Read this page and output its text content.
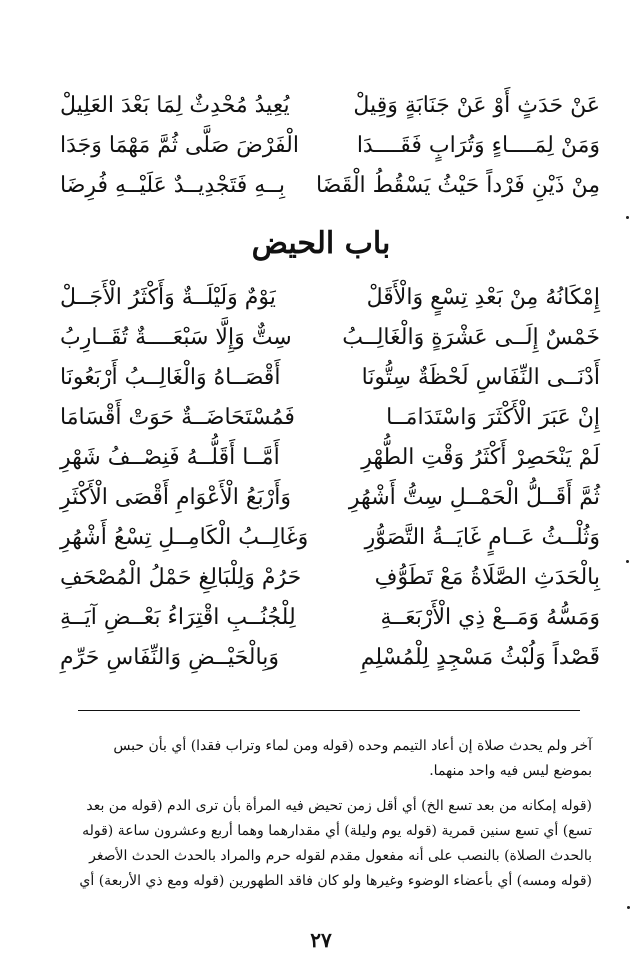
عَنْ حَدَثٍ أَوْ عَنْ جَنَابَةٍ وَقِيلْ
يُعِيدُ مُحْدِثٌ لِمَا بَعْدَ العَلِيلْ
وَمَنْ لِمَــــاءٍ وَتُرَابٍ فَقَــــدَا
الْفَرْضَ صَلَّى ثُمَّ مَهْمَا وَجَدَا
مِنْ ذَيْنِ فَرْداً حَيْثُ يَسْقُطُ الْقَضَا
بِــهِ فَتَجْدِيــدٌ عَلَيْــهِ فُرِضَا
باب الحيض
إِمْكَانُهُ مِنْ بَعْدِ تِسْعٍ وَالْأَقَلْ
يَوْمٌ وَلَيْلَــةٌ وَأَكْثَرُ الْأَجَــلْ
خَمْسٌ إِلَــى عَشْرَةٍ وَالْغَالِــبُ
سِتٌّ وَإِلَّا سَبْعَــــةٌ تُقَــارِبُ
أَدْنَــى النِّفَاسِ لَحْظَةٌ سِتُّونَا
أَقْصَــاهُ وَالْغَالِــبُ أَرْبَعُونَا
إِنْ عَبَرَ الْأَكْثَرَ وَاسْتَدَامَــا
فَمُسْتَحَاضَــةٌ حَوَتْ أَقْسَامَا
لَمْ يَنْحَصِرْ أَكْثَرُ وَقْتِ الطُّهْرِ
أَمَّــا أَقَلُّــهُ فَنِصْــفُ شَهْرِ
ثُمَّ أَقَــلُّ الْحَمْــلِ سِتُّ أَشْهُرِ
وَأَرْبَعُ الْأَعْوَامِ أَقْصَى الْأَكْثَرِ
وَثُلْــثُ عَــامٍ غَايَــةُ التَّصَوُّرِ
وَغَالِــبُ الْكَامِــلِ تِسْعُ أَشْهُرِ
بِالْحَدَثِ الصَّلَاةُ مَعْ تَطَوُّفِ
حَرُمْ وَلِلْبَالِغِ حَمْلُ الْمُصْحَفِ
وَمَسُّهُ وَمَــعْ ذِي الْأَرْبَعَــةِ
لِلْجُنُــبِ اقْتِرَاءُ بَعْــضِ آيَــةِ
قَصْداً وَلُبْثُ مَسْجِدٍ لِلْمُسْلِمِ
وَبِالْحَيْــضِ وَالنِّفَاسِ حَرِّمِ
آخر ولم يحدث صلاة إن أعاد التيمم وحده (قوله ومن لماء وتراب فقدا) أي بأن حبس بموضع ليس فيه واحد منهما.
(قوله إمكانه من بعد تسع الخ) أي أقل زمن تحيض فيه المرأة بأن ترى الدم (قوله من بعد تسع) أي تسع سنين قمرية (قوله يوم وليلة) أي مقدارهما وهما أربع وعشرون ساعة (قوله بالحدث الصلاة) بالنصب على أنه مفعول مقدم لقوله حرم والمراد بالحدث الحدث الأصغر (قوله ومسه) أي بأعضاء الوضوء وغيرها ولو كان فاقد الطهورين (قوله ومع ذي الأربعة) أي
٢٧
